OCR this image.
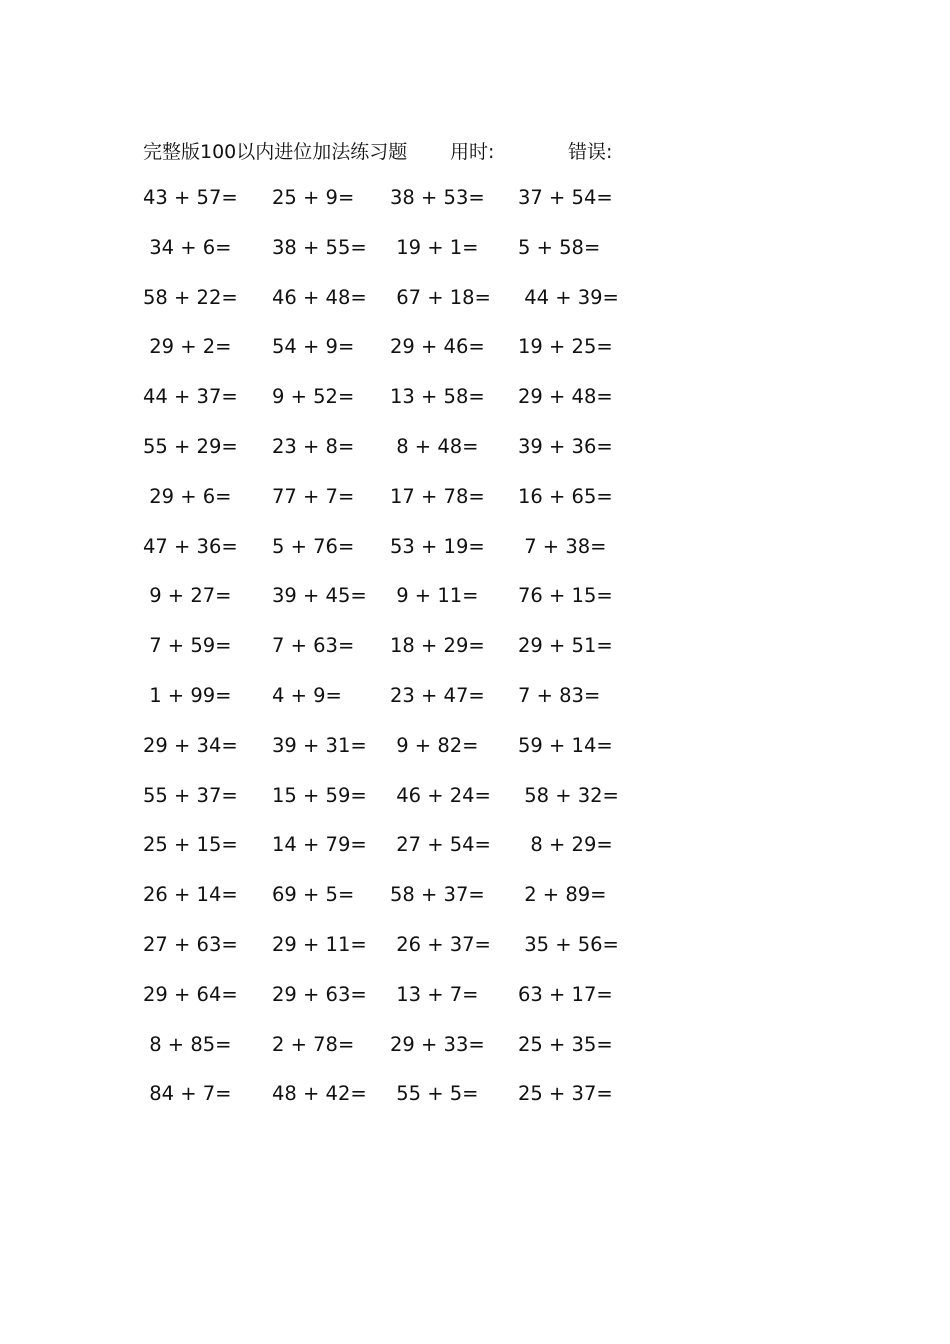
完整版100以内进位加法练习题 用时:	错误:
43 + 57=	25 + 9=	38 + 53=	37 + 54=
34 + 6=	38 + 55=	19 + 1=	5 + 58=
58 + 22=	46 + 48=	67 + 18=	44 + 39=
29 + 2=	54 + 9=	29 + 46=	19 + 25=
44 + 37=	9 + 52=	13 + 58=	29 + 48=
55 + 29=	23 + 8=	8 + 48=	39 + 36=
29 + 6=	77 + 7=	17 + 78=	16 + 65=
47 + 36=	5 + 76=	53 + 19=	7 + 38=
9 + 27=	39 + 45=	9 + 11=	76 + 15=
7 + 59=	7 + 63=	18 + 29=	29 + 51=
1 + 99=	4 + 9=	23 + 47=	7 + 83=
29 + 34=	39 + 31=	9 + 82=	59 + 14=
55 + 37=	15 + 59=	46 + 24=	58 + 32=
25 + 15=	14 + 79=	27 + 54=	8 + 29=
26 + 14=	69 + 5=	58 + 37=	2 + 89=
27 + 63=	29 + 11=	26 + 37=	35 + 56=
29 + 64=	29 + 63=	13 + 7=	63 + 17=
8 + 85=	2 + 78=	29 + 33=	25 + 35=
84 + 7=	48 + 42=	55 + 5=	25 + 37=
